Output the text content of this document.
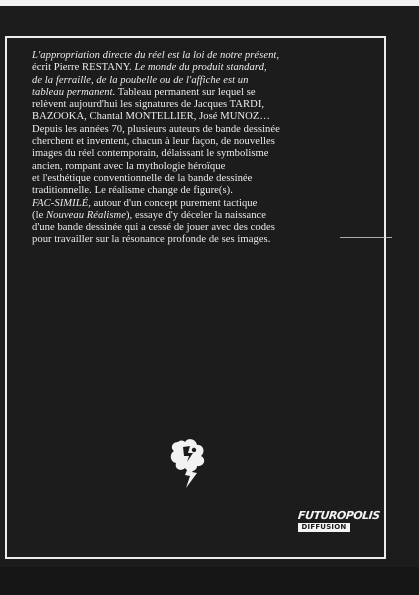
L'appropriation directe du réel est la loi de notre présent,

écrit Pierre RESTANY. Le monde du produit standard,

de la ferraille, de la poubelle ou de l'affiche est un

tableau permanent. Tableau permanent sur lequel se

relèvent aujourd'hui les signatures de Jacques TARDI,

BAZOOKA, Chantal MONTELLIER, José MUNOZ…

Depuis les années 70, plusieurs auteurs de bande dessinée

cherchent et inventent, chacun à leur façon, de nouvelles

images du réel contemporain, délaissant le symbolisme

ancien, rompant avec la mythologie héroïque

et l'esthétique conventionnelle de la bande dessinée

traditionnelle. Le réalisme change de figure(s).

FAC-SIMILÉ, autour d'un concept purement tactique

(le Nouveau Réalisme), essaye d'y déceler la naissance

d'une bande dessinée qui a cessé de jouer avec des codes

pour travailler sur la résonance profonde de ses images.

FUTUROPOLIS
DIFFUSION
